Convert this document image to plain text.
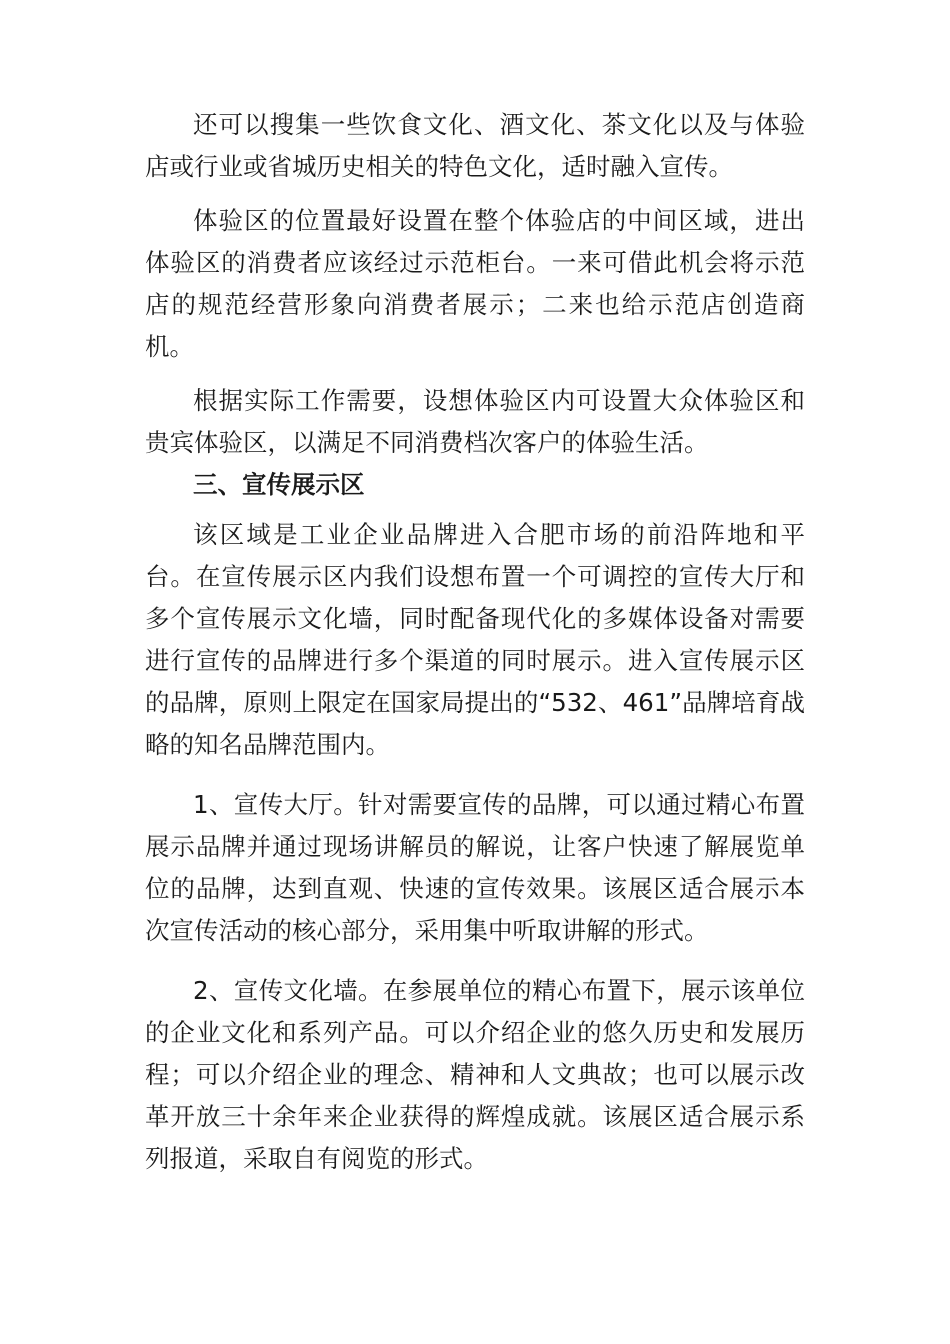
还可以搜集一些饮食文化、酒文化、茶文化以及与体验店或行业或省城历史相关的特色文化，适时融入宣传。

体验区的位置最好设置在整个体验店的中间区域，进出体验区的消费者应该经过示范柜台。一来可借此机会将示范店的规范经营形象向消费者展示；二来也给示范店创造商机。

根据实际工作需要，设想体验区内可设置大众体验区和贵宾体验区，以满足不同消费档次客户的体验生活。

三、宣传展示区

该区域是工业企业品牌进入合肥市场的前沿阵地和平台。在宣传展示区内我们设想布置一个可调控的宣传大厅和多个宣传展示文化墙，同时配备现代化的多媒体设备对需要进行宣传的品牌进行多个渠道的同时展示。进入宣传展示区的品牌，原则上限定在国家局提出的“532、461”品牌培育战略的知名品牌范围内。

1、宣传大厅。针对需要宣传的品牌，可以通过精心布置展示品牌并通过现场讲解员的解说，让客户快速了解展览单位的品牌，达到直观、快速的宣传效果。该展区适合展示本次宣传活动的核心部分，采用集中听取讲解的形式。

2、宣传文化墙。在参展单位的精心布置下，展示该单位的企业文化和系列产品。可以介绍企业的悠久历史和发展历程；可以介绍企业的理念、精神和人文典故；也可以展示改革开放三十余年来企业获得的辉煌成就。该展区适合展示系列报道，采取自有阅览的形式。
